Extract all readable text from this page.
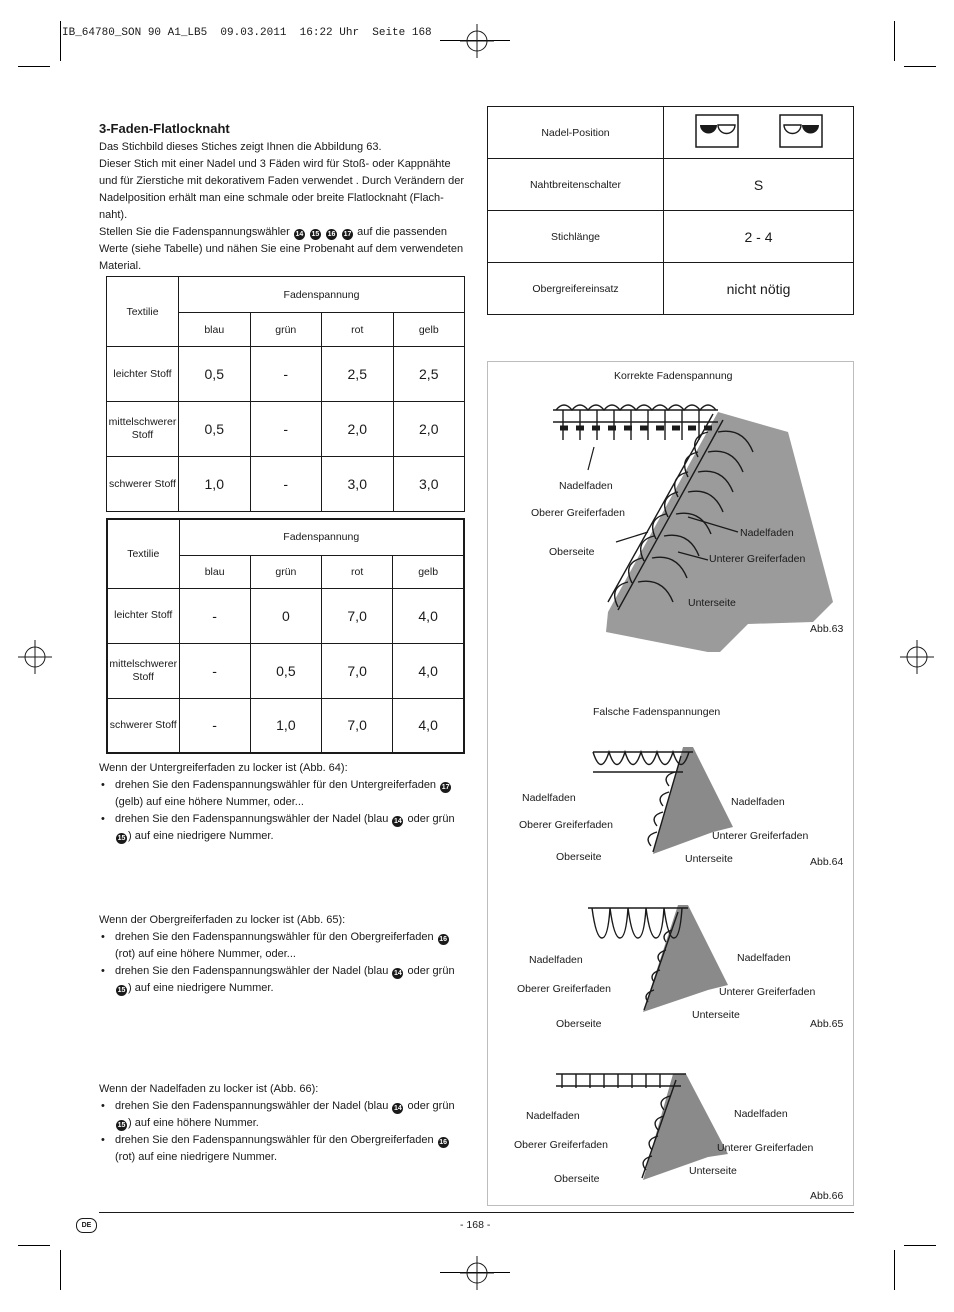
IB_64780_SON 90 A1_LB5  09.03.2011  16:22 Uhr  Seite 168
3-Faden-Flatlocknaht

Das Stichbild dieses Stiches zeigt Ihnen die Abbildung 63.

Dieser Stich mit einer Nadel und 3 Fäden wird für Stoß- oder Kappnähte und für Zierstiche mit dekorativem Faden verwendet . Durch Verändern der Nadelposition erhält man eine schmale oder breite Flatlocknaht (Flach-naht).

Stellen Sie die Fadenspannungswähler 14 15 16 17 auf die passenden Werte (siehe Tabelle) und nähen Sie eine Probenaht auf dem verwendeten Material.

Textilie	Fadenspannung			
	blau	grün	rot	gelb
leichter Stoff	0,5	-	2,5	2,5
mittelschwerer Stoff	0,5	-	2,0	2,0
schwerer Stoff	1,0	-	3,0	3,0
Textilie	Fadenspannung			
	blau	grün	rot	gelb
leichter Stoff	-	0	7,0	4,0
mittelschwerer Stoff	-	0,5	7,0	4,0
schwerer Stoff	-	1,0	7,0	4,0
Nadel-Position	
Nahtbreitenschalter	S
Stichlänge	2 - 4
Obergreifereinsatz	nicht nötig

Wenn der Untergreiferfaden zu locker ist (Abb. 64):

• drehen Sie den Fadenspannungswähler für den Untergreiferfaden 17
(gelb) auf eine höhere Nummer, oder...
• drehen Sie den Fadenspannungswähler der Nadel (blau 14 oder grün
15 ) auf eine niedrigere Nummer.

Wenn der Obergreiferfaden zu locker ist (Abb. 65):

• drehen Sie den Fadenspannungswähler für den Obergreiferfaden 16
(rot) auf eine höhere Nummer, oder...
• drehen Sie den Fadenspannungswähler der Nadel (blau 14 oder grün
15 ) auf eine niedrigere Nummer.

Wenn der Nadelfaden zu locker ist (Abb. 66):

• drehen Sie den Fadenspannungswähler der Nadel (blau 14 oder grün
15 ) auf eine höhere Nummer.
• drehen Sie den Fadenspannungswähler für den Obergreiferfaden 16
(rot) auf eine niedrigere Nummer.
Korrekte Fadenspannung
Nadelfaden
Oberer Greiferfaden
Nadelfaden
Oberseite
Unterer Greiferfaden
Unterseite
Abb.63
Falsche Fadenspannungen
Nadelfaden	Nadelfaden
Oberer Greiferfaden
Unterer Greiferfaden
Oberseite	Unterseite	Abb.64
Nadelfaden	Nadelfaden
Oberer Greiferfaden	Unterer Greiferfaden
Oberseite
Unterseite
Abb.65
Nadelfaden	Nadelfaden
Oberer Greiferfaden	Unterer Greiferfaden
Oberseite
Unterseite
Abb.66
DE	- 168 -
